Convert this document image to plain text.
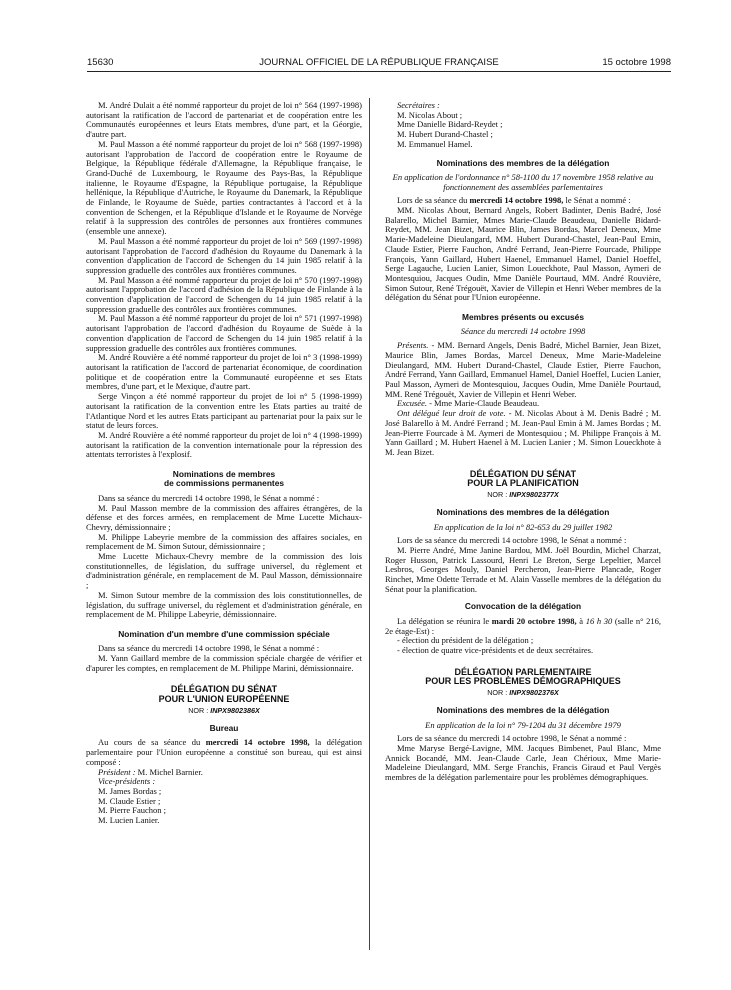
15630	JOURNAL OFFICIEL DE LA RÉPUBLIQUE FRANÇAISE	15 octobre 1998

M. André Dulait a été nommé rapporteur du projet de loi n° 564 (1997-1998) autorisant la ratification de l'accord de partenariat et de coopération entre les Communautés européennes et leurs Etats membres, d'une part, et la Géorgie, d'autre part.

M. Paul Masson a été nommé rapporteur du projet de loi n° 568 (1997-1998) autorisant l'approbation de l'accord de coopération entre le Royaume de Belgique, la République fédérale d'Allemagne, la République française, le Grand-Duché de Luxembourg, le Royaume des Pays-Bas, la République italienne, le Royaume d'Espagne, la République portugaise, la République hellénique, la République d'Autriche, le Royaume du Danemark, la République de Finlande, le Royaume de Suède, parties contractantes à l'accord et à la convention de Schengen, et la République d'Islande et le Royaume de Norvège relatif à la suppression des contrôles de personnes aux frontières communes (ensemble une annexe).

M. Paul Masson a été nommé rapporteur du projet de loi n° 569 (1997-1998) autorisant l'approbation de l'accord d'adhésion du Royaume du Danemark à la convention d'application de l'accord de Schengen du 14 juin 1985 relatif à la suppression graduelle des contrôles aux frontières communes.

M. Paul Masson a été nommé rapporteur du projet de loi n° 570 (1997-1998) autorisant l'approbation de l'accord d'adhésion de la République de Finlande à la convention d'application de l'accord de Schengen du 14 juin 1985 relatif à la suppression graduelle des contrôles aux frontières communes.

M. Paul Masson a été nommé rapporteur du projet de loi n° 571 (1997-1998) autorisant l'approbation de l'accord d'adhésion du Royaume de Suède à la convention d'application de l'accord de Schengen du 14 juin 1985 relatif à la suppression graduelle des contrôles aux frontières communes.

M. André Rouvière a été nommé rapporteur du projet de loi n° 3 (1998-1999) autorisant la ratification de l'accord de partenariat économique, de coordination politique et de coopération entre la Communauté européenne et ses Etats membres, d'une part, et le Mexique, d'autre part.

Serge Vinçon a été nommé rapporteur du projet de loi n° 5 (1998-1999) autorisant la ratification de la convention entre les Etats parties au traité de l'Atlantique Nord et les autres Etats participant au partenariat pour la paix sur le statut de leurs forces.

M. André Rouvière a été nommé rapporteur du projet de loi n° 4 (1998-1999) autorisant la ratification de la convention internationale pour la répression des attentats terroristes à l'explosif.

Nominations de membres
de commissions permanentes

Dans sa séance du mercredi 14 octobre 1998, le Sénat a nommé :

M. Paul Masson membre de la commission des affaires étrangères, de la défense et des forces armées, en remplacement de Mme Lucette Michaux-Chevry, démissionnaire ;

M. Philippe Labeyrie membre de la commission des affaires sociales, en remplacement de M. Simon Sutour, démissionnaire ;

Mme Lucette Michaux-Chevry membre de la commission des lois constitutionnelles, de législation, du suffrage universel, du règlement et d'administration générale, en remplacement de M. Paul Masson, démissionnaire ;

M. Simon Sutour membre de la commission des lois constitutionnelles, de législation, du suffrage universel, du règlement et d'administration générale, en remplacement de M. Philippe Labeyrie, démissionnaire.

Nomination d'un membre d'une commission spéciale

Dans sa séance du mercredi 14 octobre 1998, le Sénat a nommé :

M. Yann Gaillard membre de la commission spéciale chargée de vérifier et d'apurer les comptes, en remplacement de M. Philippe Marini, démissionnaire.

DÉLÉGATION DU SÉNAT
POUR L'UNION EUROPÉENNE
NOR : INPX9802386X
Bureau

Au cours de sa séance du mercredi 14 octobre 1998, la délégation parlementaire pour l'Union européenne a constitué son bureau, qui est ainsi composé :

Président : M. Michel Barnier.

Vice-présidents :

M. James Bordas ;

M. Claude Estier ;

M. Pierre Fauchon ;

M. Lucien Lanier.

Secrétaires :

M. Nicolas About ;

Mme Danielle Bidard-Reydet ;

M. Hubert Durand-Chastel ;

M. Emmanuel Hamel.

Nominations des membres de la délégation

En application de l'ordonnance n° 58-1100 du 17 novembre 1958 relative au fonctionnement des assemblées parlementaires

Lors de sa séance du mercredi 14 octobre 1998, le Sénat a nommé :

MM. Nicolas About, Bernard Angels, Robert Badinter, Denis Badré, José Balarello, Michel Barnier, Mmes Marie-Claude Beaudeau, Danielle Bidard-Reydet, MM. Jean Bizet, Maurice Blin, James Bordas, Marcel Deneux, Mme Marie-Madeleine Dieulangard, MM. Hubert Durand-Chastel, Jean-Paul Emin, Claude Estier, Pierre Fauchon, André Ferrand, Jean-Pierre Fourcade, Philippe François, Yann Gaillard, Hubert Haenel, Emmanuel Hamel, Daniel Hoeffel, Serge Lagauche, Lucien Lanier, Simon Loueckhote, Paul Masson, Aymeri de Montesquiou, Jacques Oudin, Mme Danièle Pourtaud, MM. André Rouvière, Simon Sutour, René Trégouët, Xavier de Villepin et Henri Weber membres de la délégation du Sénat pour l'Union européenne.

Membres présents ou excusés

Séance du mercredi 14 octobre 1998

Présents. - MM. Bernard Angels, Denis Badré, Michel Barnier, Jean Bizet, Maurice Blin, James Bordas, Marcel Deneux, Mme Marie-Madeleine Dieulangard, MM. Hubert Durand-Chastel, Claude Estier, Pierre Fauchon, André Ferrand, Yann Gaillard, Emmanuel Hamel, Daniel Hoeffel, Lucien Lanier, Paul Masson, Aymeri de Montesquiou, Jacques Oudin, Mme Danièle Pourtaud, MM. René Trégouët, Xavier de Villepin et Henri Weber.

Excusée. - Mme Marie-Claude Beaudeau.

Ont délégué leur droit de vote. - M. Nicolas About à M. Denis Badré ; M. José Balarello à M. André Ferrand ; M. Jean-Paul Emin à M. James Bordas ; M. Jean-Pierre Fourcade à M. Aymeri de Montesquiou ; M. Philippe François à M. Yann Gaillard ; M. Hubert Haenel à M. Lucien Lanier ; M. Simon Loueckhote à M. Jean Bizet.

DÉLÉGATION DU SÉNAT
POUR LA PLANIFICATION
NOR : INPX9802377X
Nominations des membres de la délégation

En application de la loi n° 82-653 du 29 juillet 1982

Lors de sa séance du mercredi 14 octobre 1998, le Sénat a nommé :

M. Pierre André, Mme Janine Bardou, MM. Joël Bourdin, Michel Charzat, Roger Husson, Patrick Lassourd, Henri Le Breton, Serge Lepeltier, Marcel Lesbros, Georges Mouly, Daniel Percheron, Jean-Pierre Plancade, Roger Rinchet, Mme Odette Terrade et M. Alain Vasselle membres de la délégation du Sénat pour la planification.

Convocation de la délégation

La délégation se réunira le mardi 20 octobre 1998, à 16 h 30 (salle n° 216, 2e étage-Est) :

- élection du président de la délégation ;

- élection de quatre vice-présidents et de deux secrétaires.

DÉLÉGATION PARLEMENTAIRE
POUR LES PROBLÈMES DÉMOGRAPHIQUES
NOR : INPX9802376X
Nominations des membres de la délégation

En application de la loi n° 79-1204 du 31 décembre 1979

Lors de sa séance du mercredi 14 octobre 1998, le Sénat a nommé :

Mme Maryse Bergé-Lavigne, MM. Jacques Bimbenet, Paul Blanc, Mme Annick Bocandé, MM. Jean-Claude Carle, Jean Chérioux, Mme Marie-Madeleine Dieulangard, MM. Serge Franchis, Francis Giraud et Paul Vergès membres de la délégation parlementaire pour les problèmes démographiques.
